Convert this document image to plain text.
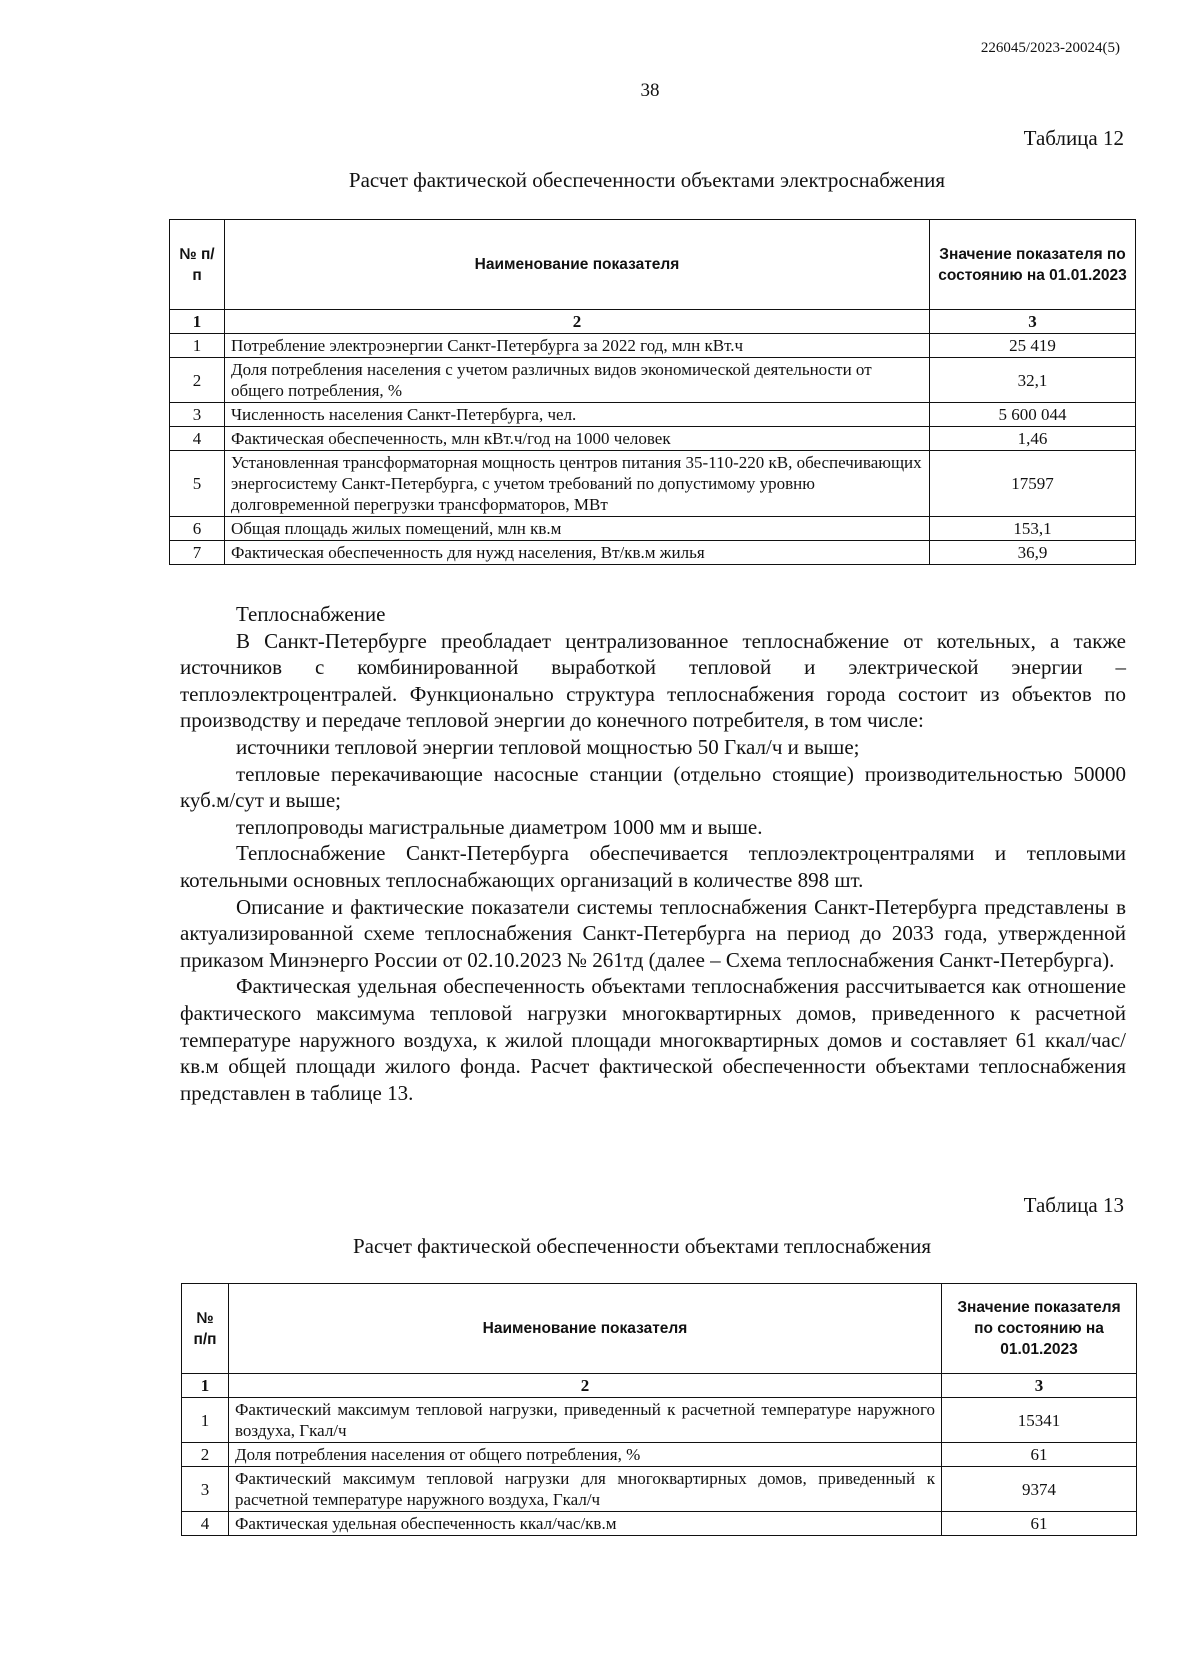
226045/2023-20024(5)
38
Таблица 12
Расчет фактической обеспеченности объектами электроснабжения
№ п/п	Наименование показателя	Значение показателя по состоянию на 01.01.2023
1	2	3
1	Потребление электроэнергии Санкт-Петербурга за 2022 год, млн кВт.ч	25 419
2	Доля потребления населения с учетом различных видов экономической деятельности от общего потребления, %	32,1
3	Численность населения Санкт-Петербурга, чел.	5 600 044
4	Фактическая обеспеченность, млн кВт.ч/год на 1000 человек	1,46
5	Установленная трансформаторная мощность центров питания 35-110-220 кВ, обеспечивающих энергосистему Санкт-Петербурга, с учетом требований по допустимому уровню долговременной перегрузки трансформаторов, МВт	17597
6	Общая площадь жилых помещений, млн кв.м	153,1
7	Фактическая обеспеченность для нужд населения, Вт/кв.м жилья	36,9

Теплоснабжение

В Санкт-Петербурге преобладает централизованное теплоснабжение от котельных, а также источников с комбинированной выработкой тепловой и электрической энергии – теплоэлектроцентралей. Функционально структура теплоснабжения города состоит из объектов по производству и передаче тепловой энергии до конечного потребителя, в том числе:

источники тепловой энергии тепловой мощностью 50 Гкал/ч и выше;

тепловые перекачивающие насосные станции (отдельно стоящие) производительностью 50000 куб.м/сут и выше;

теплопроводы магистральные диаметром 1000 мм и выше.

Теплоснабжение Санкт-Петербурга обеспечивается теплоэлектроцентралями и тепловыми котельными основных теплоснабжающих организаций в количестве 898 шт.

Описание и фактические показатели системы теплоснабжения Санкт-Петербурга представлены в актуализированной схеме теплоснабжения Санкт-Петербурга на период до 2033 года, утвержденной приказом Минэнерго России от 02.10.2023 № 261тд (далее – Схема теплоснабжения Санкт-Петербурга).

Фактическая удельная обеспеченность объектами теплоснабжения рассчитывается как отношение фактического максимума тепловой нагрузки многоквартирных домов, приведенного к расчетной температуре наружного воздуха, к жилой площади многоквартирных домов и составляет 61 ккал/час/кв.м общей площади жилого фонда. Расчет фактической обеспеченности объектами теплоснабжения представлен в таблице 13.

Таблица 13
Расчет фактической обеспеченности объектами теплоснабжения
№ п/п	Наименование показателя	Значение показателя по состоянию на 01.01.2023
1	2	3
1	Фактический максимум тепловой нагрузки, приведенный к расчетной температуре наружного воздуха, Гкал/ч	15341
2	Доля потребления населения от общего потребления, %	61
3	Фактический максимум тепловой нагрузки для многоквартирных домов, приведенный к расчетной температуре наружного воздуха, Гкал/ч	9374
4	Фактическая удельная обеспеченность ккал/час/кв.м	61
